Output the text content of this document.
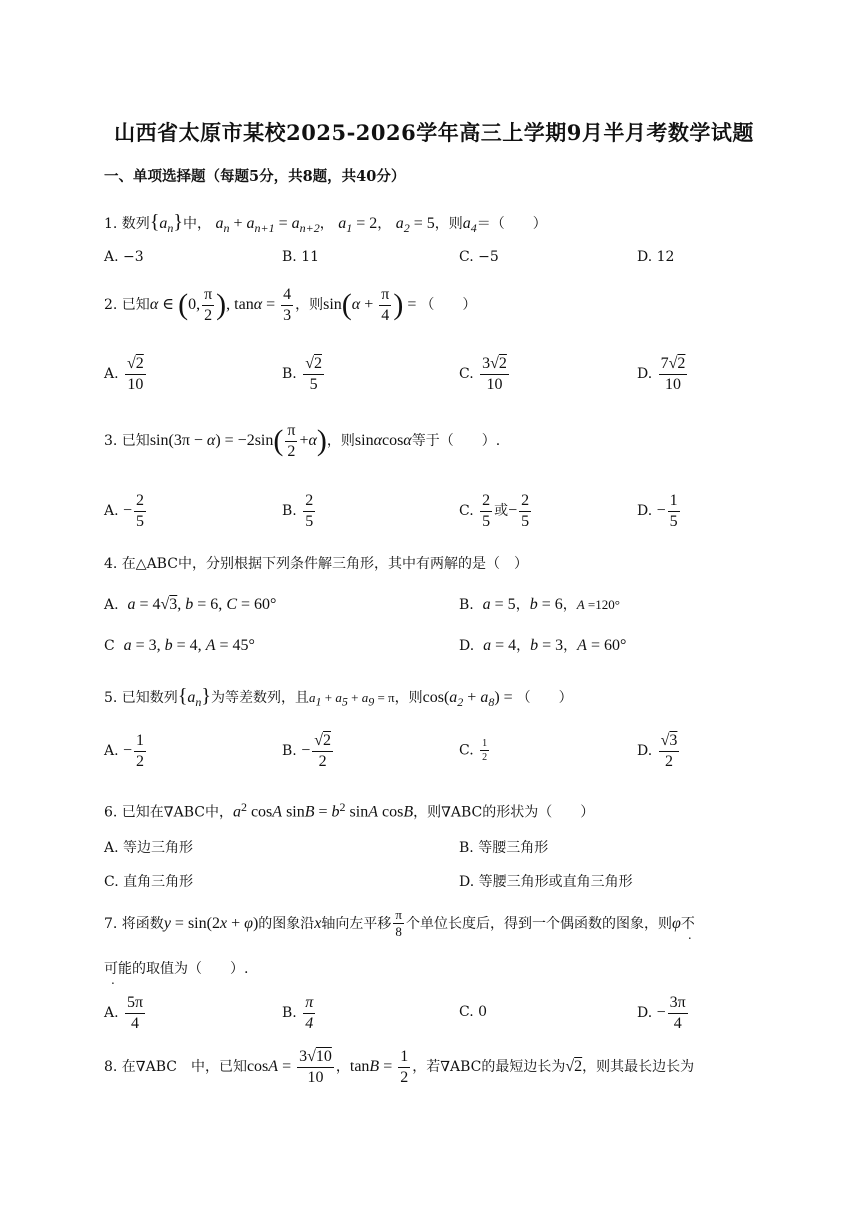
山西省太原市某校2025-2026学年高三上学期9月半月考数学试题
一、单项选择题（每题5分，共8题，共40分）
1. 数列$\{a_n\}$中， $a_n + a_{n+1} = a_{n+2}$， $a_1 = 2$， $a_2 = 5$，则$a_4=$（　　）
A. −3	B. 11	C. −5	D. 12
2. 已知α ∈ (0, $\frac{\pi}{2}$ ), $\tan\alpha = \frac{4}{3}$ ，则$\sin(\alpha + \frac{\pi}{4}$ ) = （　　）
A. $\frac{√2}{10}$	B. $\frac{√2}{5}$	C. $\frac{3√2}{10}$	D. $\frac{7√2}{10}$
3. 已知$\sin(3\pi - \alpha) = -2\sin( \frac{\pi}{2} +\alpha)$，则sinαcosα等于（　　）.
A. − $\frac{2}{5}$	B. $\frac{2}{5}$	C. $\frac{2}{5}$ 或− $\frac{2}{5}$	D. − $\frac{1}{5}$
4. 在△ABC中，分别根据下列条件解三角形，其中有两解的是（　）
A. a = 4√3, b = 6, C = 60°	B. a = 5，b = 6，A =120°
C a = 3, b = 4, A = 45°	D. a = 4，b = 3，A = 60°
5. 已知数列$\{a_n\}$为等差数列，且$a_1 + a_5 + a_9 = \pi$，则$\cos(a_2 + a_8)$ = （　　）
A. − $\frac{1}{2}$	B. − $\frac{√2}{2}$	C. $\frac{1}{2}$	D. $\frac{√3}{2}$
6. 已知在∇ABC中，$a^2$ cosA $\sin B = b^2$ sinA cosB，则∇ABC的形状为（　　）
A. 等边三角形	B. 等腰三角形
C. 直角三角形	D. 等腰三角形或直角三角形
7. 将函数y = sin(2x + φ)的图象沿x轴向左平移 $\frac{\pi}{8}$ 个单位长度后，得到一个偶函数的图象，则φ不
可能的取值为（　　）.
A. $\frac{5\pi}{4}$	B. $\frac{\pi}{4}$	C. 0	D. − $\frac{3\pi}{4}$
8. 在∇ABC　中，已知$\cos A = \frac{3√10}{10}$ ，$\tan B = \frac{1}{2}$ ，若∇ABC的最短边长为√2，则其最长边长为
